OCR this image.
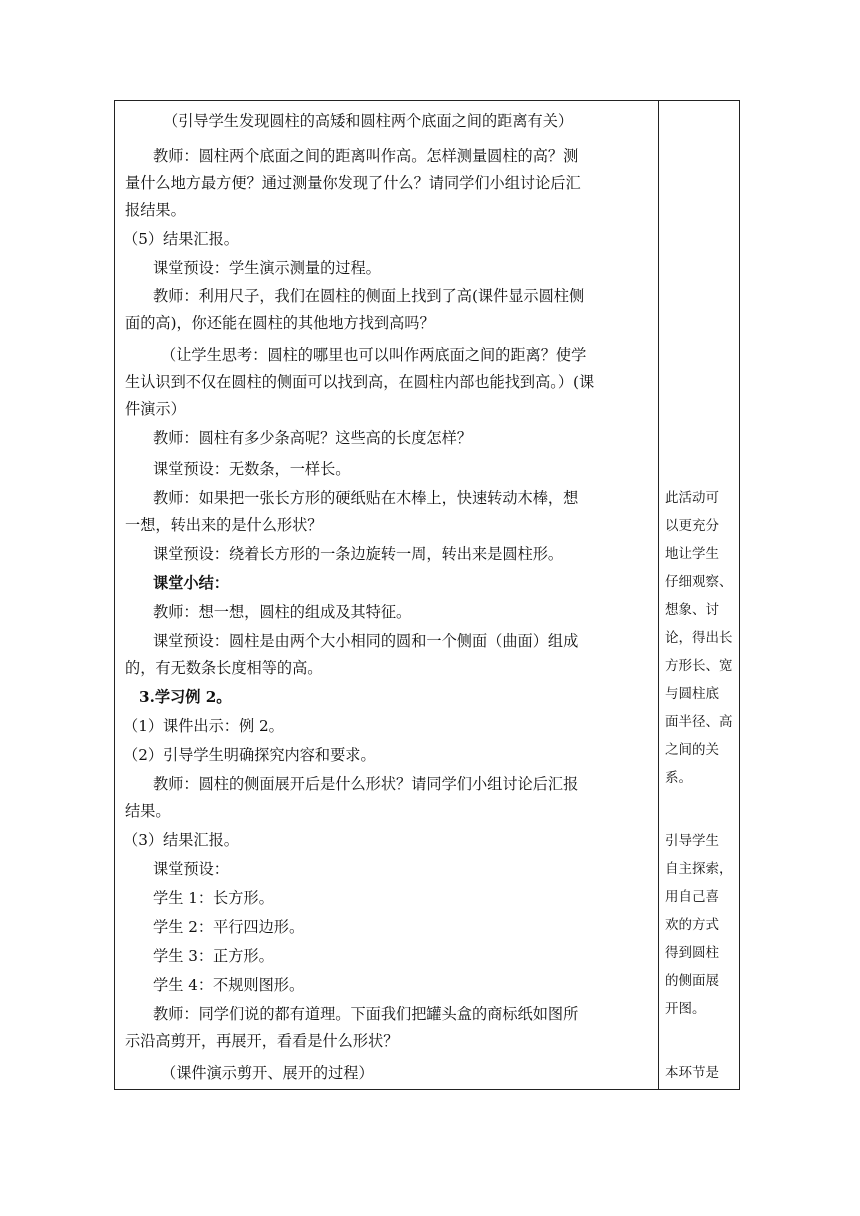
（引导学生发现圆柱的高矮和圆柱两个底面之间的距离有关）
教师：圆柱两个底面之间的距离叫作高。怎样测量圆柱的高？测
量什么地方最方便？通过测量你发现了什么？请同学们小组讨论后汇
报结果。
（5）结果汇报。
课堂预设：学生演示测量的过程。
教师：利用尺子，我们在圆柱的侧面上找到了高(课件显示圆柱侧
面的高)，你还能在圆柱的其他地方找到高吗？
（让学生思考：圆柱的哪里也可以叫作两底面之间的距离？使学
生认识到不仅在圆柱的侧面可以找到高，在圆柱内部也能找到高。）(课
件演示）
教师：圆柱有多少条高呢？这些高的长度怎样？
课堂预设：无数条，一样长。
教师：如果把一张长方形的硬纸贴在木棒上，快速转动木棒，想
一想，转出来的是什么形状？
课堂预设：绕着长方形的一条边旋转一周，转出来是圆柱形。
课堂小结：
教师：想一想，圆柱的组成及其特征。
课堂预设：圆柱是由两个大小相同的圆和一个侧面（曲面）组成
的，有无数条长度相等的高。
3.学习例 2。
（1）课件出示：例 2。
（2）引导学生明确探究内容和要求。
教师：圆柱的侧面展开后是什么形状？请同学们小组讨论后汇报
结果。
（3）结果汇报。
课堂预设：
学生 1：长方形。
学生 2：平行四边形。
学生 3：正方形。
学生 4：不规则图形。
教师：同学们说的都有道理。下面我们把罐头盒的商标纸如图所
示沿高剪开，再展开，看看是什么形状？
（课件演示剪开、展开的过程）
此活动可
以更充分
地让学生
仔细观察、
想象、讨
论，得出长
方形长、宽
与圆柱底
面半径、高
之间的关
系。
引导学生
自主探索，
用自己喜
欢的方式
得到圆柱
的侧面展
开图。
本环节是
